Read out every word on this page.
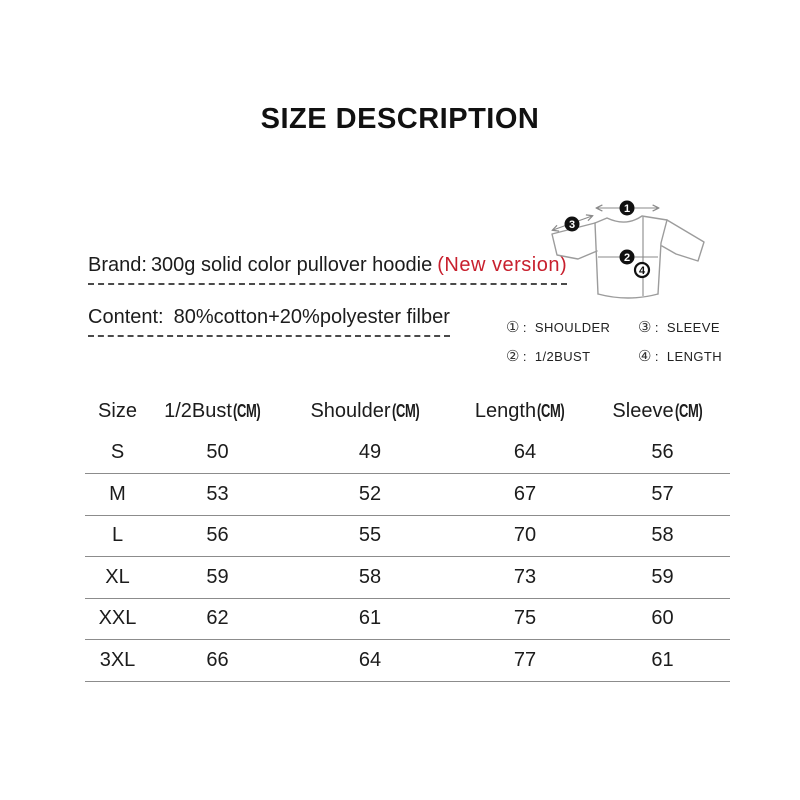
SIZE DESCRIPTION
Brand: 300g solid color pullover hoodie (New version)
Content: 80%cotton+20%polyester filber
1
3
2
4
① :  SHOULDER	③ :  SLEEVE
② :  1/2BUST	④ :  LENGTH
Size	1/2Bust(CM)	Shoulder(CM)	Length(CM)	Sleeve(CM)
S	50	49	64	56
M	53	52	67	57
L	56	55	70	58
XL	59	58	73	59
XXL	62	61	75	60
3XL	66	64	77	61
